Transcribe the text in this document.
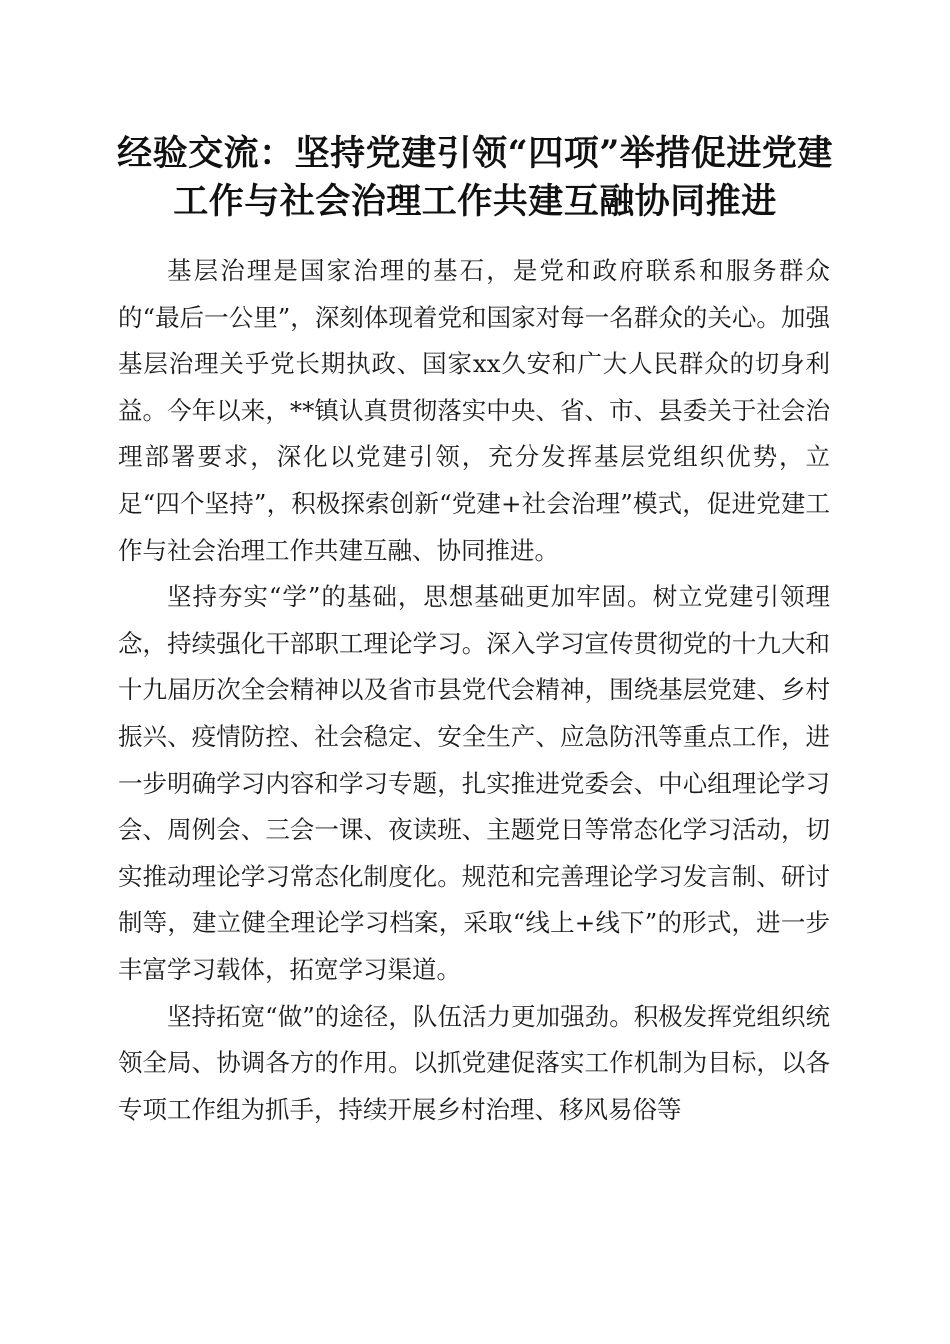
经验交流：坚持党建引领“四项”举措促进党建工作与社会治理工作共建互融协同推进

基层治理是国家治理的基石，是党和政府联系和服务群众的“最后一公里”，深刻体现着党和国家对每一名群众的关心。加强基层治理关乎党长期执政、国家xx久安和广大人民群众的切身利益。今年以来，**镇认真贯彻落实中央、省、市、县委关于社会治理部署要求，深化以党建引领，充分发挥基层党组织优势，立足“四个坚持”，积极探索创新“党建+社会治理”模式，促进党建工作与社会治理工作共建互融、协同推进。

坚持夯实“学”的基础，思想基础更加牢固。树立党建引领理念，持续强化干部职工理论学习。深入学习宣传贯彻党的十九大和十九届历次全会精神以及省市县党代会精神，围绕基层党建、乡村振兴、疫情防控、社会稳定、安全生产、应急防汛等重点工作，进一步明确学习内容和学习专题，扎实推进党委会、中心组理论学习会、周例会、三会一课、夜读班、主题党日等常态化学习活动，切实推动理论学习常态化制度化。规范和完善理论学习发言制、研讨制等，建立健全理论学习档案，采取“线上+线下”的形式，进一步丰富学习载体，拓宽学习渠道。

坚持拓宽“做”的途径，队伍活力更加强劲。积极发挥党组织统领全局、协调各方的作用。以抓党建促落实工作机制为目标，以各专项工作组为抓手，持续开展乡村治理、移风易俗等
